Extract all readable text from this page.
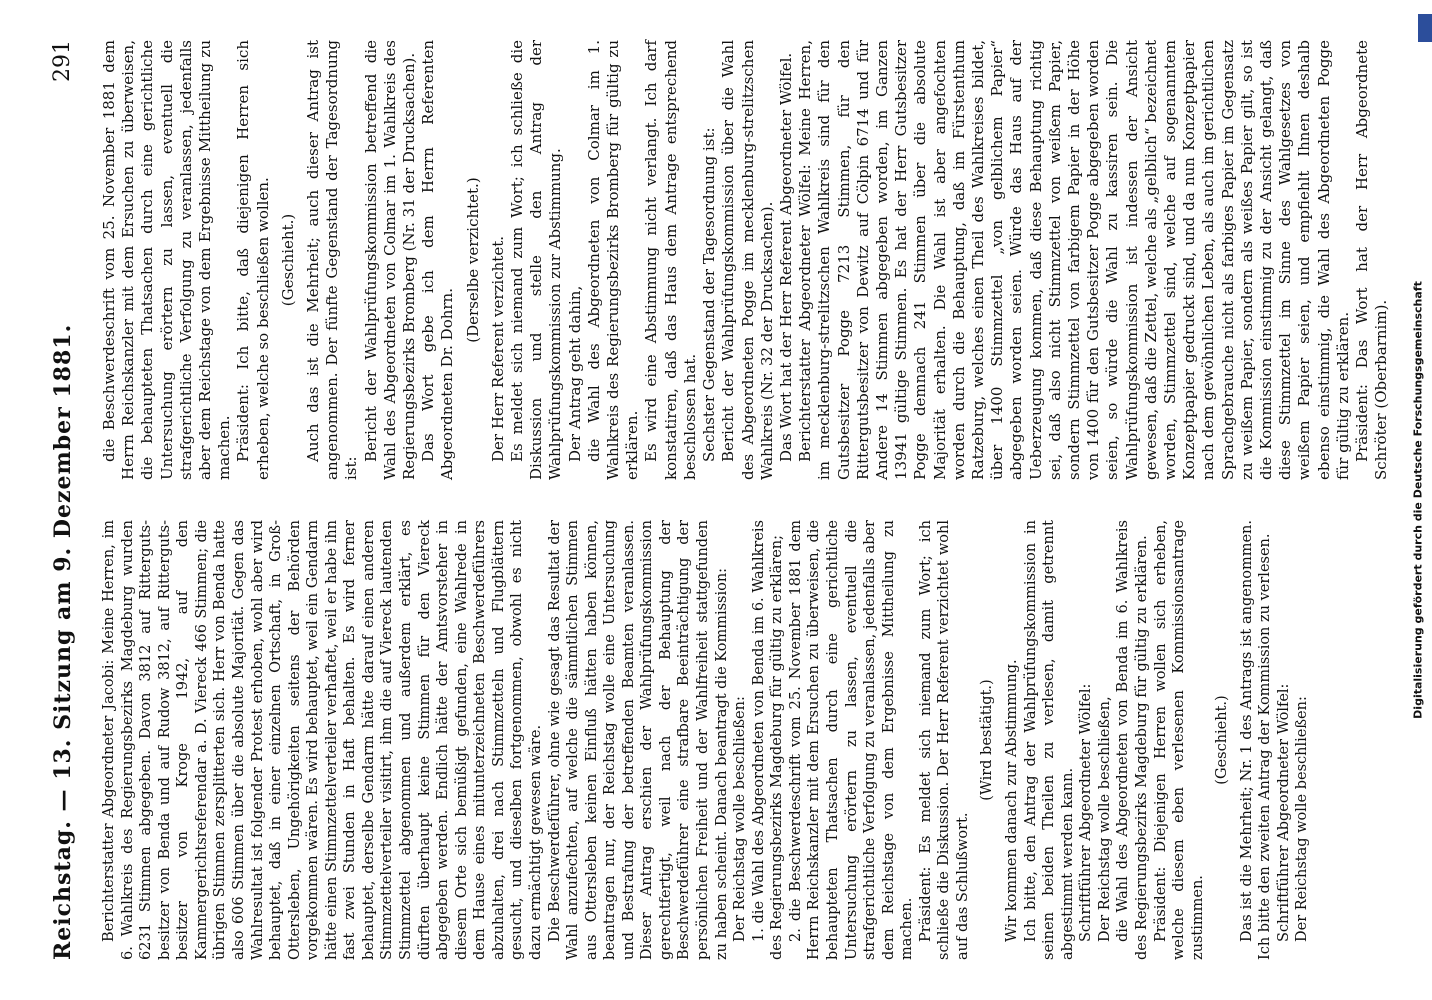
Reichstag. — 13. Sitzung am 9. Dezember 1881.
291

Berichterstatter Abgeordneter Jacobi: Meine Herren, im 6. Wahlkreis des Regierungsbezirks Magdeburg wurden 6231 Stimmen abgegeben. Davon 3812 auf Rittergutsbesitzer von Benda und auf Rudow 3812, auf Rittergutsbesitzer von Kroge 1942, auf den Kammergerichtsreferendar a. D. Viereck 466 Stimmen; die übrigen Stimmen zersplitterten sich. Herr von Benda hatte also 606 Stimmen über die absolute Majorität. Gegen das Wahlresultat ist folgender Protest erhoben, wohl aber wird behauptet, daß in einer einzelnen Ortschaft, in Groß-Ottersleben, Ungehörigkeiten seitens der Behörden vorgekommen wären. Es wird behauptet, weil ein Gendarm hätte einen Stimmzettelverteiler verhaftet, weil er habe ihn fast zwei Stunden in Haft behalten. Es wird ferner behauptet, derselbe Gendarm hätte darauf einen anderen Stimmzettelverteiler visitirt, ihm die auf Viereck lautenden Stimmzettel abgenommen und außerdem erklärt, es dürften überhaupt keine Stimmen für den Viereck abgegeben werden. Endlich hätte der Amtsvorsteher in diesem Orte sich bemüßigt gefunden, eine Wahlrede in dem Hause eines mitunterzeichneten Beschwerdeführers abzuhalten, drei nach Stimmzetteln und Flugblättern gesucht, und dieselben fortgenommen, obwohl es nicht dazu ermächtigt gewesen wäre. Die Beschwerdeführer, ohne wie gesagt das Resultat der Wahl anzufechten, auf welche die sämmtlichen Stimmen aus Ottersleben keinen Einfluß hätten haben können, beantragen nur, der Reichstag wolle eine Untersuchung und Bestrafung der betreffenden Beamten veranlassen. Dieser Antrag erschien der Wahlprüfungskommission gerechtfertigt, weil nach der Behauptung der Beschwerdeführer eine strafbare Beeinträchtigung der persönlichen Freiheit und der Wahlfreiheit stattgefunden zu haben scheint. Danach beantragt die Kommission: Der Reichstag wolle beschließen: 1. die Wahl des Abgeordneten von Benda im 6. Wahlkreis des Regierungsbezirks Magdeburg für gültig zu erklären; 2. die Beschwerdeschrift vom 25. November 1881 dem Herrn Reichskanzler mit dem Ersuchen zu überweisen, die behaupteten Thatsachen durch eine gerichtliche Untersuchung erörtern zu lassen, eventuell die strafgerichtliche Verfolgung zu veranlassen, jedenfalls aber dem Reichstage von dem Ergebnisse Mittheilung zu machen. Präsident: Es meldet sich niemand zum Wort; ich schließe die Diskussion. Der Herr Referent verzichtet wohl auf das Schlußwort.

(Wird bestätigt.) Wir kommen danach zur Abstimmung. Ich bitte, den Antrag der Wahlprüfungskommission in seinen beiden Theilen zu verlesen, damit getrennt abgestimmt werden kann. Schriftführer Abgeordneter Wölfel: Der Reichstag wolle beschließen, die Wahl des Abgeordneten von Benda im 6. Wahlkreis des Regierungsbezirks Magdeburg für gültig zu erklären. Präsident: Diejenigen Herren wollen sich erheben, welche diesem eben verlesenen Kommissionsantrage zustimmen.

(Geschieht.) Das ist die Mehrheit; Nr. 1 des Antrags ist angenommen. Ich bitte den zweiten Antrag der Kommission zu verlesen. Schriftführer Abgeordneter Wölfel: Der Reichstag wolle beschließen:

die Beschwerdeschrift vom 25. November 1881 dem Herrn Reichskanzler mit dem Ersuchen zu überweisen, die behaupteten Thatsachen durch eine gerichtliche Untersuchung erörtern zu lassen, eventuell die strafgerichtliche Verfolgung zu veranlassen, jedenfalls aber dem Reichstage von dem Ergebnisse Mittheilung zu machen. Präsident: Ich bitte, daß diejenigen Herren sich erheben, welche so beschließen wollen. (Geschieht.) Auch das ist die Mehrheit; auch dieser Antrag ist angenommen. Der fünfte Gegenstand der Tagesordnung ist:

Bericht der Wahlprüfungskommission betreffend die Wahl des Abgeordneten von Colmar im 1. Wahlkreis des Regierungsbezirks Bromberg (Nr. 31 der Drucksachen). Das Wort gebe ich dem Herrn Referenten Abgeordneten Dr. Dohrn.

(Derselbe verzichtet.) Der Herr Referent verzichtet. Es meldet sich niemand zum Wort; ich schließe die Diskussion und stelle den Antrag der Wahlprüfungskommission zur Abstimmung. Der Antrag geht dahin, die Wahl des Abgeordneten von Colmar im 1. Wahlkreis des Regierungsbezirks Bromberg für gültig zu erklären. Es wird eine Abstimmung nicht verlangt. Ich darf konstatiren, daß das Haus dem Antrage entsprechend beschlossen hat. Sechster Gegenstand der Tagesordnung ist: Bericht der Wahlprüfungskommission über die Wahl des Abgeordneten Pogge im mecklenburg-strelitzschen Wahlkreis (Nr. 32 der Drucksachen). Das Wort hat der Herr Referent Abgeordneter Wölfel. Berichterstatter Abgeordneter Wölfel: Meine Herren, im mecklenburg-strelitzschen Wahlkreis sind für den Gutsbesitzer Pogge 7213 Stimmen, für den Rittergutsbesitzer von Dewitz auf Cölpin 6714 und für Andere 14 Stimmen abgegeben worden, im Ganzen 13941 gültige Stimmen. Es hat der Herr Gutsbesitzer Pogge demnach 241 Stimmen über die absolute Majorität erhalten. Die Wahl ist aber angefochten worden durch die Behauptung, daß im Fürstenthum Ratzeburg, welches einen Theil des Wahlkreises bildet, über 1400 Stimmzettel „von gelblichem Papier“ abgegeben worden seien. Würde das Haus auf der Ueberzeugung kommen, daß diese Behauptung richtig sei, daß also nicht Stimmzettel von weißem Papier, sondern Stimmzettel von farbigem Papier in der Höhe von 1400 für den Gutsbesitzer Pogge abgegeben worden seien, so würde die Wahl zu kassiren sein. Die Wahlprüfungskommission ist indessen der Ansicht gewesen, daß die Zettel, welche als „gelblich“ bezeichnet worden, Stimmzettel sind, welche auf sogenanntem Konzeptpapier gedruckt sind, und da nun Konzeptpapier nach dem gewöhnlichen Leben, als auch im gerichtlichen Sprachgebrauche nicht als farbiges Papier im Gegensatz zu weißem Papier, sondern als weißes Papier gilt, so ist die Kommission einstimmig zu der Ansicht gelangt, daß diese Stimmzettel im Sinne des Wahlgesetzes von weißem Papier seien, und empfiehlt Ihnen deshalb ebenso einstimmig, die Wahl des Abgeordneten Pogge für gültig zu erklären. Präsident: Das Wort hat der Herr Abgeordnete Schröter (Oberbarnim). Digitalisierung gefördert durch die Deutsche Forschungsgemeinschaft
